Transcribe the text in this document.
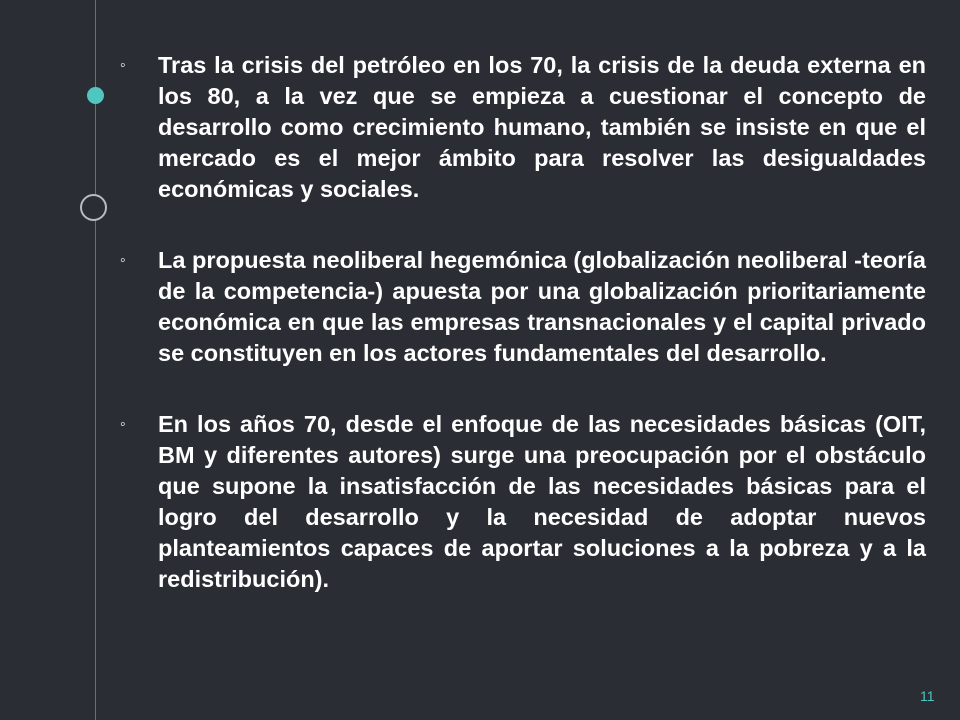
◦	Tras la crisis del petróleo en los 70, la crisis de la deuda externa en los 80, a la vez que se empieza a cuestionar el concepto de desarrollo como crecimiento humano, también se insiste en que el mercado es el mejor ámbito para resolver las desigualdades económicas y sociales.
◦	La propuesta neoliberal hegemónica (globalización neoliberal -teoría de la competencia-) apuesta por una globalización prioritariamente económica en que las empresas transnacionales y el capital privado se constituyen en los actores fundamentales del desarrollo.
◦	En los años 70, desde el enfoque de las necesidades básicas (OIT, BM y diferentes autores) surge una preocupación por el obstáculo que supone la insatisfacción de las necesidades básicas para el logro del desarrollo y la necesidad de adoptar nuevos planteamientos capaces de aportar soluciones a la pobreza y a la redistribución).
11
